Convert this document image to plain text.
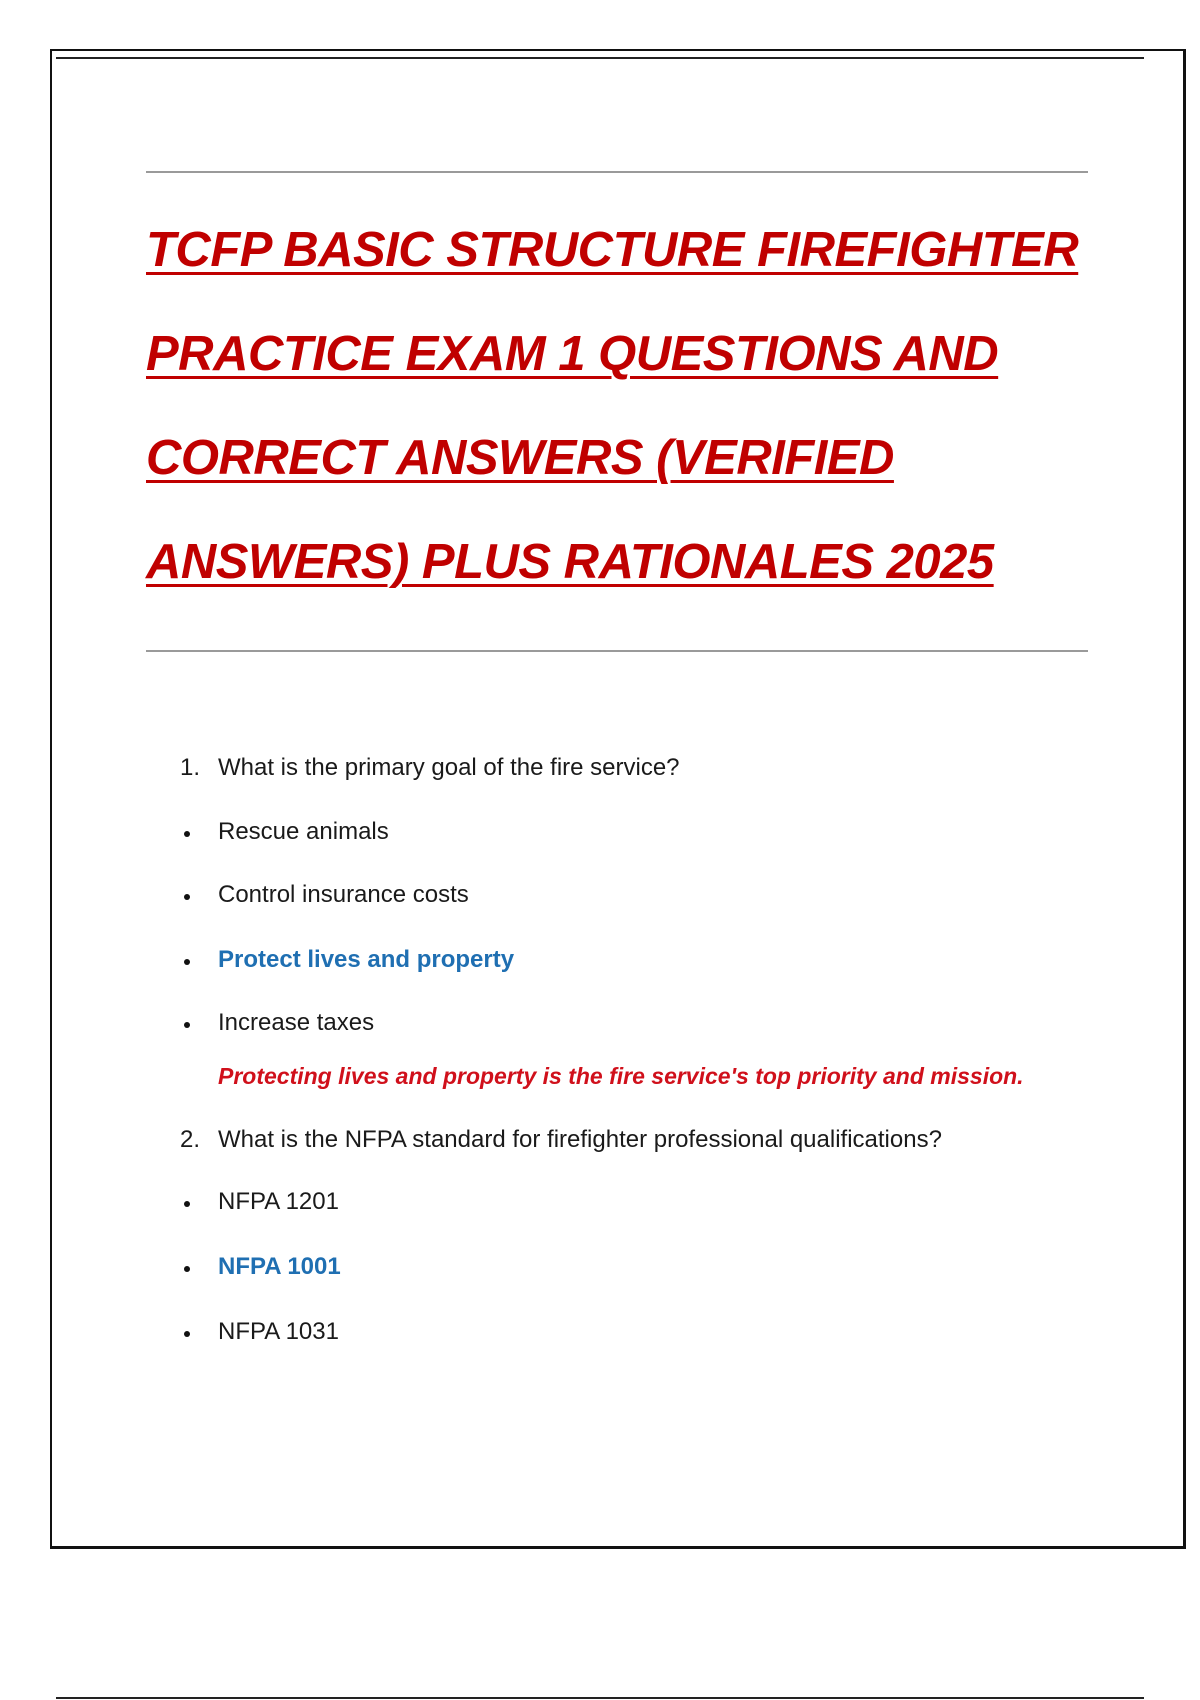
TCFP BASIC STRUCTURE FIREFIGHTER
PRACTICE EXAM 1 QUESTIONS AND
CORRECT ANSWERS (VERIFIED
ANSWERS) PLUS RATIONALES 2025
1. What is the primary goal of the fire service?
Rescue animals
Control insurance costs
Protect lives and property
Increase taxes
Protecting lives and property is the fire service's top priority and mission.
2. What is the NFPA standard for firefighter professional qualifications?
NFPA 1201
NFPA 1001
NFPA 1031
